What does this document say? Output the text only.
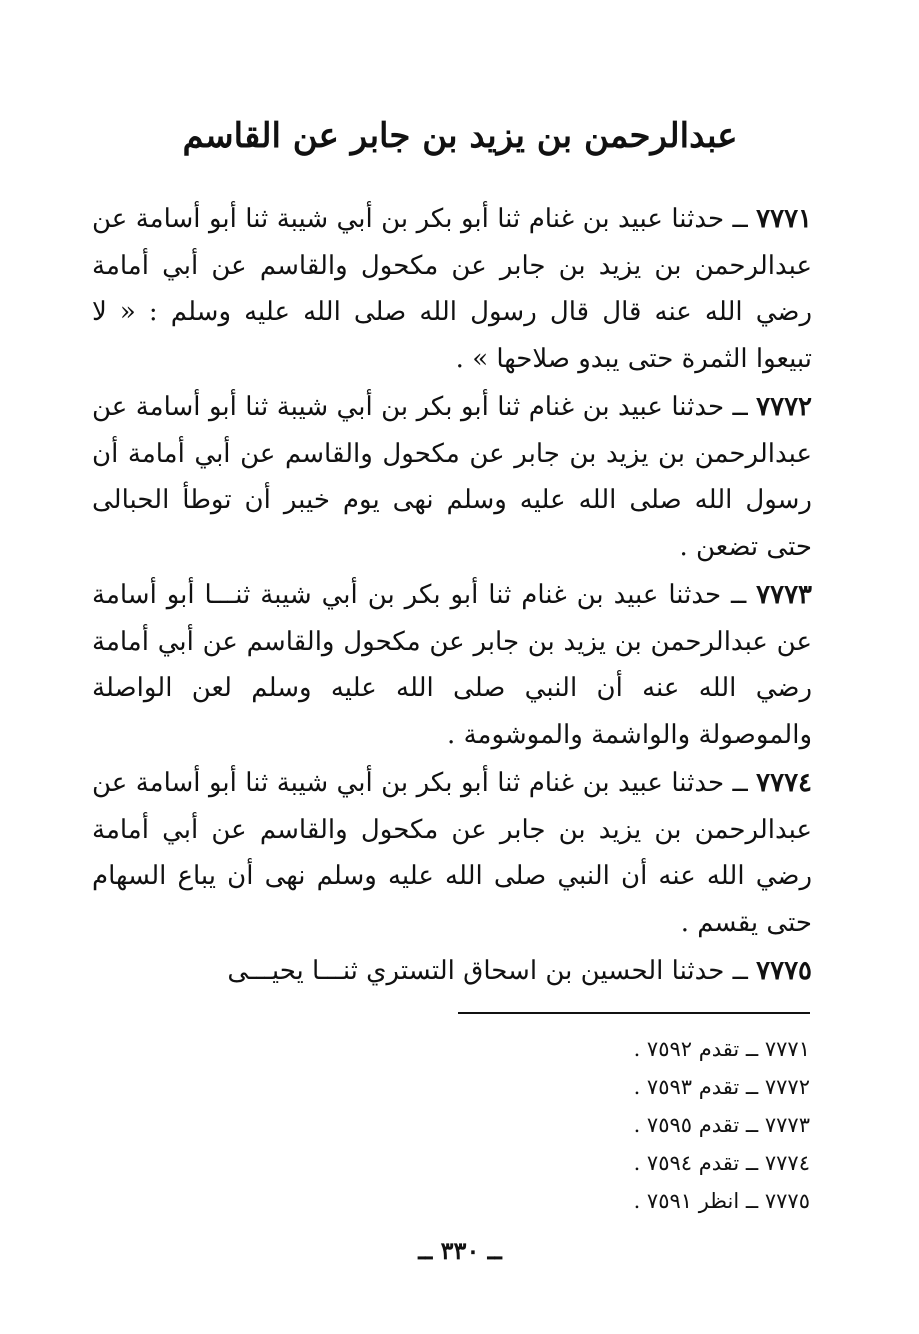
عبدالرحمن بن يزيد بن جابر عن القاسم

٧٧٧١ ــ حدثنا عبيد بن غنام ثنا أبو بكر بن أبي شيبة ثنا أبو أسامة عن عبدالرحمن بن يزيد بن جابر عن مكحول والقاسم عن أبي أمامة رضي الله عنه قال قال رسول الله صلى الله عليه وسلم : « لا تبيعوا الثمرة حتى يبدو صلاحها » .

٧٧٧٢ ــ حدثنا عبيد بن غنام ثنا أبو بكر بن أبي شيبة ثنا أبو أسامة عن عبدالرحمن بن يزيد بن جابر عن مكحول والقاسم عن أبي أمامة أن رسول الله صلى الله عليه وسلم نهى يوم خيبر أن توطأ الحبالى حتى تضعن .

٧٧٧٣ ــ حدثنا عبيد بن غنام ثنا أبو بكر بن أبي شيبة ثنـــا أبو أسامة عن عبدالرحمن بن يزيد بن جابر عن مكحول والقاسم عن أبي أمامة رضي الله عنه أن النبي صلى الله عليه وسلم لعن الواصلة والموصولة والواشمة والموشومة .

٧٧٧٤ ــ حدثنا عبيد بن غنام ثنا أبو بكر بن أبي شيبة ثنا أبو أسامة عن عبدالرحمن بن يزيد بن جابر عن مكحول والقاسم عن أبي أمامة رضي الله عنه أن النبي صلى الله عليه وسلم نهى أن يباع السهام حتى يقسم .

٧٧٧٥ ــ حدثنا الحسين بن اسحاق التستري ثنـــا يحيـــى

٧٧٧١ ــ تقدم ٧٥٩٢ .

٧٧٧٢ ــ تقدم ٧٥٩٣ .

٧٧٧٣ ــ تقدم ٧٥٩٥ .

٧٧٧٤ ــ تقدم ٧٥٩٤ .

٧٧٧٥ ــ انظر ٧٥٩١ .

ــ ٣٣٠ ــ
